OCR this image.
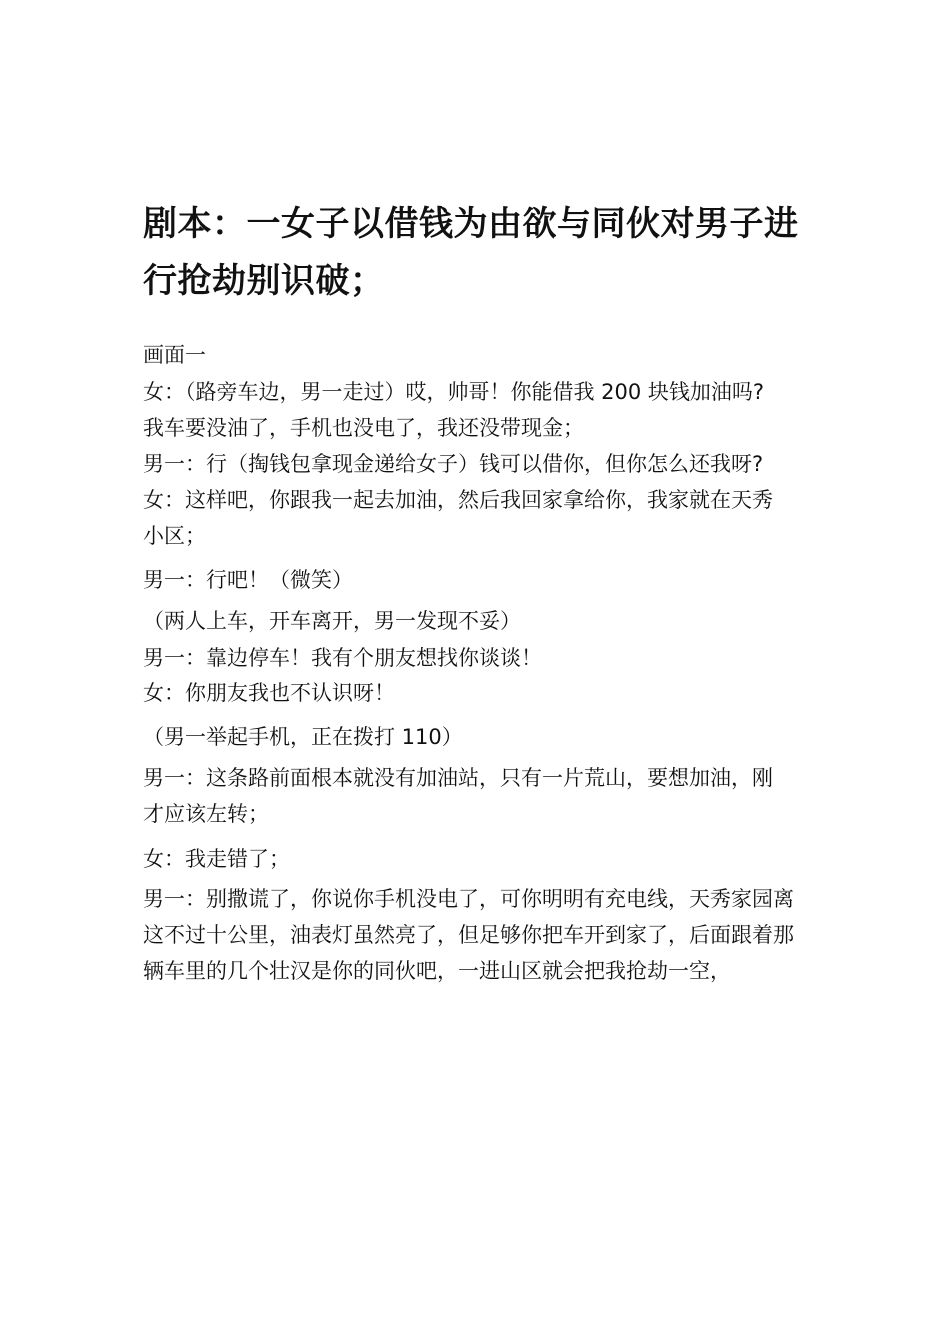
剧本：一女子以借钱为由欲与同伙对男子进行抢劫别识破；

画面一

女：（路旁车边，男一走过）哎，帅哥！你能借我 200 块钱加油吗?

我车要没油了，手机也没电了，我还没带现金；

男一：行（掏钱包拿现金递给女子）钱可以借你，但你怎么还我呀?

女：这样吧，你跟我一起去加油，然后我回家拿给你，我家就在天秀

小区；

男一：行吧！（微笑）

（两人上车，开车离开，男一发现不妥）

男一：靠边停车！我有个朋友想找你谈谈！

女：你朋友我也不认识呀！

（男一举起手机，正在拨打 110）

男一：这条路前面根本就没有加油站，只有一片荒山，要想加油，刚

才应该左转；

女：我走错了；

男一：别撒谎了，你说你手机没电了，可你明明有充电线，天秀家园离

这不过十公里，油表灯虽然亮了，但足够你把车开到家了，后面跟着那

辆车里的几个壮汉是你的同伙吧，一进山区就会把我抢劫一空，
